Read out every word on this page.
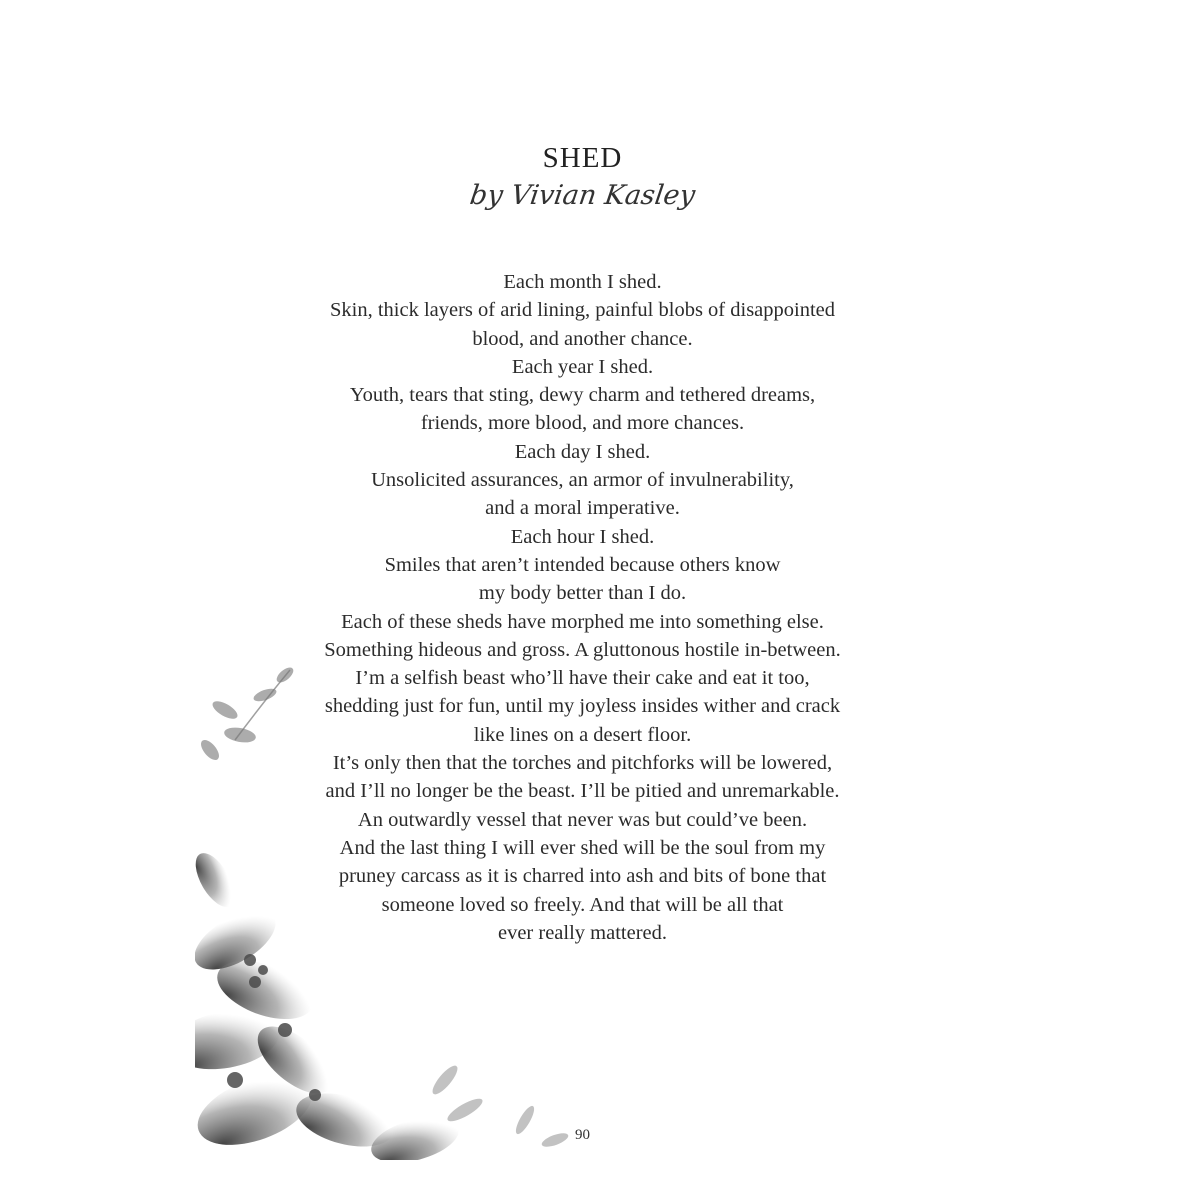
SHED
by Vivian Kasley
Each month I shed.
Skin, thick layers of arid lining, painful blobs of disappointed
blood, and another chance.
Each year I shed.
Youth, tears that sting, dewy charm and tethered dreams,
friends, more blood, and more chances.
Each day I shed.
Unsolicited assurances, an armor of invulnerability,
and a moral imperative.
Each hour I shed.
Smiles that aren’t intended because others know
my body better than I do.
Each of these sheds have morphed me into something else.
Something hideous and gross. A gluttonous hostile in-between.
I’m a selfish beast who’ll have their cake and eat it too,
shedding just for fun, until my joyless insides wither and crack
like lines on a desert floor.
It’s only then that the torches and pitchforks will be lowered,
and I’ll no longer be the beast. I’ll be pitied and unremarkable.
An outwardly vessel that never was but could’ve been.
And the last thing I will ever shed will be the soul from my
pruney carcass as it is charred into ash and bits of bone that
someone loved so freely. And that will be all that
ever really mattered.
90
